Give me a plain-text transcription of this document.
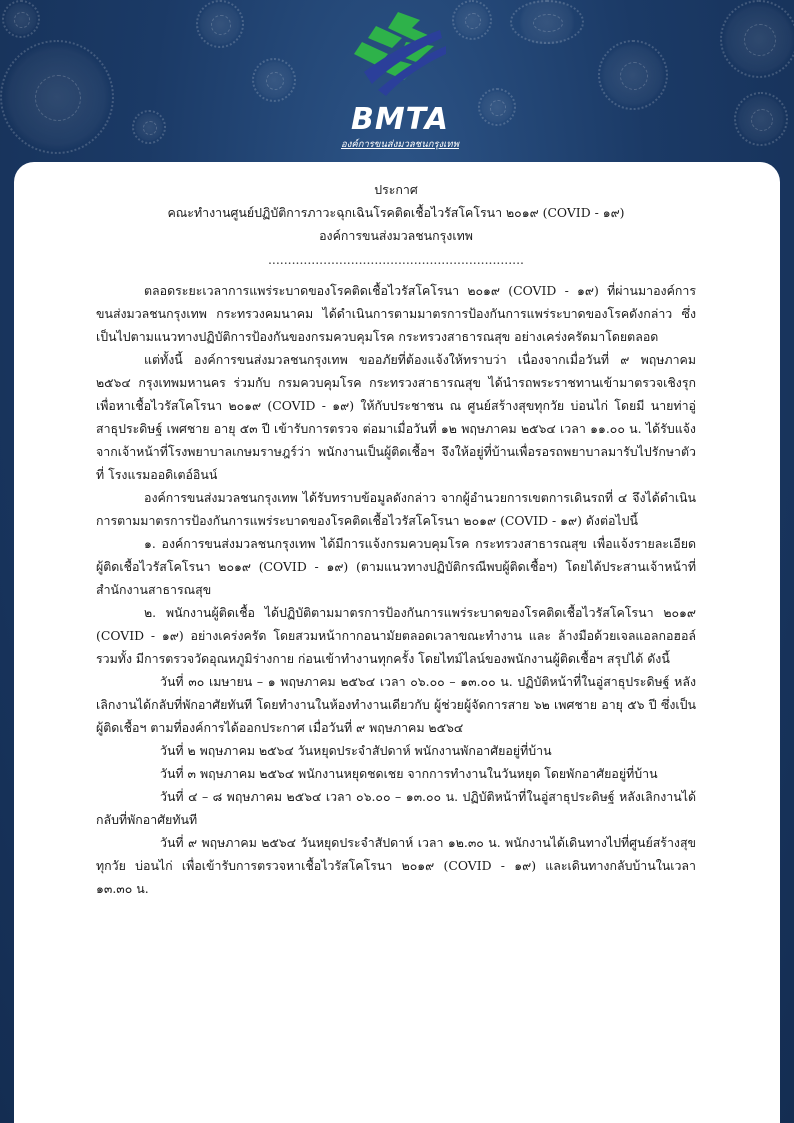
BMTA
องค์การขนส่งมวลชนกรุงเทพ
ประกาศ
คณะทำงานศูนย์ปฏิบัติการภาวะฉุกเฉินโรคติดเชื้อไวรัสโคโรนา ๒๐๑๙ (COVID - ๑๙)
องค์การขนส่งมวลชนกรุงเทพ
.................................................................

ตลอดระยะเวลาการแพร่ระบาดของโรคติดเชื้อไวรัสโคโรนา ๒๐๑๙ (COVID - ๑๙) ที่ผ่านมาองค์การขนส่งมวลชนกรุงเทพ กระทรวงคมนาคม ได้ดำเนินการตามมาตรการป้องกันการแพร่ระบาดของโรคดังกล่าว ซึ่งเป็นไปตามแนวทางปฏิบัติการป้องกันของกรมควบคุมโรค กระทรวงสาธารณสุข อย่างเคร่งครัดมาโดยตลอด

แต่ทั้งนี้ องค์การขนส่งมวลชนกรุงเทพ ขออภัยที่ต้องแจ้งให้ทราบว่า เนื่องจากเมื่อวันที่ ๙ พฤษภาคม ๒๕๖๔ กรุงเทพมหานคร ร่วมกับ กรมควบคุมโรค กระทรวงสาธารณสุข ได้นำรถพระราชทานเข้ามาตรวจเชิงรุก เพื่อหาเชื้อไวรัสโคโรนา ๒๐๑๙ (COVID - ๑๙) ให้กับประชาชน ณ ศูนย์สร้างสุขทุกวัย บ่อนไก่ โดยมี นายท่าอู่สาธุประดิษฐ์ เพศชาย อายุ ๕๓ ปี เข้ารับการตรวจ ต่อมาเมื่อวันที่ ๑๒ พฤษภาคม ๒๕๖๔ เวลา ๑๑.๐๐ น. ได้รับแจ้งจากเจ้าหน้าที่โรงพยาบาลเกษมราษฎร์ว่า พนักงานเป็นผู้ติดเชื้อฯ จึงให้อยู่ที่บ้านเพื่อรอรถพยาบาลมารับไปรักษาตัวที่ โรงแรมออดิเตอ์อินน์

องค์การขนส่งมวลชนกรุงเทพ ได้รับทราบข้อมูลดังกล่าว จากผู้อำนวยการเขตการเดินรถที่ ๔ จึงได้ดำเนินการตามมาตรการป้องกันการแพร่ระบาดของโรคติดเชื้อไวรัสโคโรนา ๒๐๑๙ (COVID - ๑๙) ดังต่อไปนี้

๑. องค์การขนส่งมวลชนกรุงเทพ ได้มีการแจ้งกรมควบคุมโรค กระทรวงสาธารณสุข เพื่อแจ้งรายละเอียดผู้ติดเชื้อไวรัสโคโรนา ๒๐๑๙ (COVID - ๑๙) (ตามแนวทางปฏิบัติกรณีพบผู้ติดเชื้อฯ) โดยได้ประสานเจ้าหน้าที่สำนักงานสาธารณสุข

๒. พนักงานผู้ติดเชื้อ ได้ปฏิบัติตามมาตรการป้องกันการแพร่ระบาดของโรคติดเชื้อไวรัสโคโรนา ๒๐๑๙ (COVID - ๑๙) อย่างเคร่งครัด โดยสวมหน้ากากอนามัยตลอดเวลาขณะทำงาน และ ล้างมือด้วยเจลแอลกอฮอล์ รวมทั้ง มีการตรวจวัดอุณหภูมิร่างกาย ก่อนเข้าทำงานทุกครั้ง โดยไทม์ไลน์ของพนักงานผู้ติดเชื้อฯ สรุปได้ ดังนี้

วันที่ ๓๐ เมษายน – ๑ พฤษภาคม ๒๕๖๔ เวลา ๐๖.๐๐ – ๑๓.๐๐ น. ปฏิบัติหน้าที่ในอู่สาธุประดิษฐ์ หลังเลิกงานได้กลับที่พักอาศัยทันที โดยทำงานในห้องทำงานเดียวกับ ผู้ช่วยผู้จัดการสาย ๖๒ เพศชาย อายุ ๕๖ ปี ซึ่งเป็นผู้ติดเชื้อฯ ตามที่องค์การได้ออกประกาศ เมื่อวันที่ ๙ พฤษภาคม ๒๕๖๔

วันที่ ๒ พฤษภาคม ๒๕๖๔ วันหยุดประจำสัปดาห์ พนักงานพักอาศัยอยู่ที่บ้าน

วันที่ ๓ พฤษภาคม ๒๕๖๔ พนักงานหยุดชดเชย จากการทำงานในวันหยุด โดยพักอาศัยอยู่ที่บ้าน

วันที่ ๔ – ๘ พฤษภาคม ๒๕๖๔ เวลา ๐๖.๐๐ – ๑๓.๐๐ น. ปฏิบัติหน้าที่ในอู่สาธุประดิษฐ์ หลังเลิกงานได้กลับที่พักอาศัยทันที

วันที่ ๙ พฤษภาคม ๒๕๖๔ วันหยุดประจำสัปดาห์ เวลา ๑๒.๓๐ น. พนักงานได้เดินทางไปที่ศูนย์สร้างสุขทุกวัย บ่อนไก่ เพื่อเข้ารับการตรวจหาเชื้อไวรัสโคโรนา ๒๐๑๙ (COVID - ๑๙) และเดินทางกลับบ้านในเวลา ๑๓.๓๐ น.
